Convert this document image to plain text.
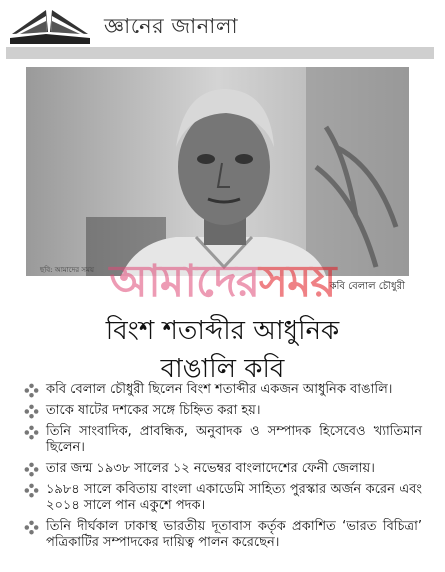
জ্ঞানের জানালা
ছবি: আমাদের সময়
কবি বেলাল চৌধুরী
আমাদেরসময়
বিংশ শতাব্দীর আধুনিক
বাঙালি কবি
কবি বেলাল চৌধুরী ছিলেন বিংশ শতাব্দীর একজন আধুনিক বাঙালি।
তাকে ষাটের দশকের সঙ্গে চিহ্নিত করা হয়।
তিনি সাংবাদিক, প্রাবন্ধিক, অনুবাদক ও সম্পাদক হিসেবেও খ্যাতিমান ছিলেন।
তার জন্ম ১৯৩৮ সালের ১২ নভেম্বর বাংলাদেশের ফেনী জেলায়।
১৯৮৪ সালে কবিতায় বাংলা একাডেমি সাহিত্য পুরস্কার অর্জন করেন এবং ২০১৪ সালে পান একুশে পদক।
তিনি দীর্ঘকাল ঢাকাস্থ ভারতীয় দূতাবাস কর্তৃক প্রকাশিত ‘ভারত বিচিত্রা’ পত্রিকাটির সম্পাদকের দায়িত্ব পালন করেছেন।
